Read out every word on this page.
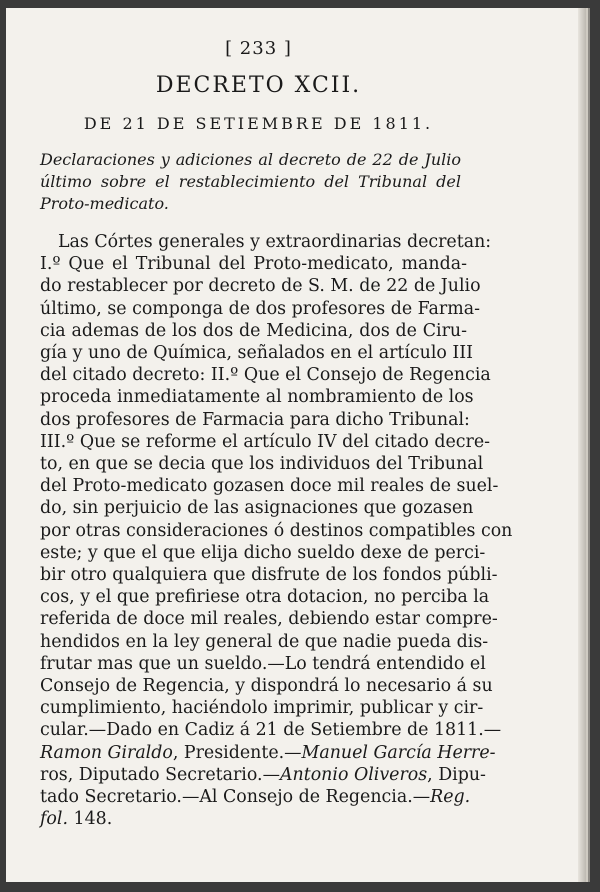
[ 233 ]
DECRETO XCII.
DE 21 DE SETIEMBRE DE 1811.
Declaraciones y adiciones al decreto de 22 de Julio último sobre el restablecimiento del Tribunal del Proto-medicato.
Las Córtes generales y extraordinarias decretan:
I.º Que el Tribunal del Proto-medicato, manda-
do restablecer por decreto de S. M. de 22 de Julio
último, se componga de dos profesores de Farma-
cia ademas de los dos de Medicina, dos de Ciru-
gía y uno de Química, señalados en el artículo III
del citado decreto: II.º Que el Consejo de Regencia
proceda inmediatamente al nombramiento de los
dos profesores de Farmacia para dicho Tribunal:
III.º Que se reforme el artículo IV del citado decre-
to, en que se decia que los individuos del Tribunal
del Proto-medicato gozasen doce mil reales de suel-
do, sin perjuicio de las asignaciones que gozasen
por otras consideraciones ó destinos compatibles con
este; y que el que elija dicho sueldo dexe de perci-
bir otro qualquiera que disfrute de los fondos públi-
cos, y el que prefiriese otra dotacion, no perciba la
referida de doce mil reales, debiendo estar compre-
hendidos en la ley general de que nadie pueda dis-
frutar mas que un sueldo.—Lo tendrá entendido el
Consejo de Regencia, y dispondrá lo necesario á su
cumplimiento, haciéndolo imprimir, publicar y cir-
cular.—Dado en Cadiz á 21 de Setiembre de 1811.—
Ramon Giraldo, Presidente.—Manuel García Herre-
ros, Diputado Secretario.—Antonio Oliveros, Dipu-
tado Secretario.—Al Consejo de Regencia.—Reg.
fol. 148.
